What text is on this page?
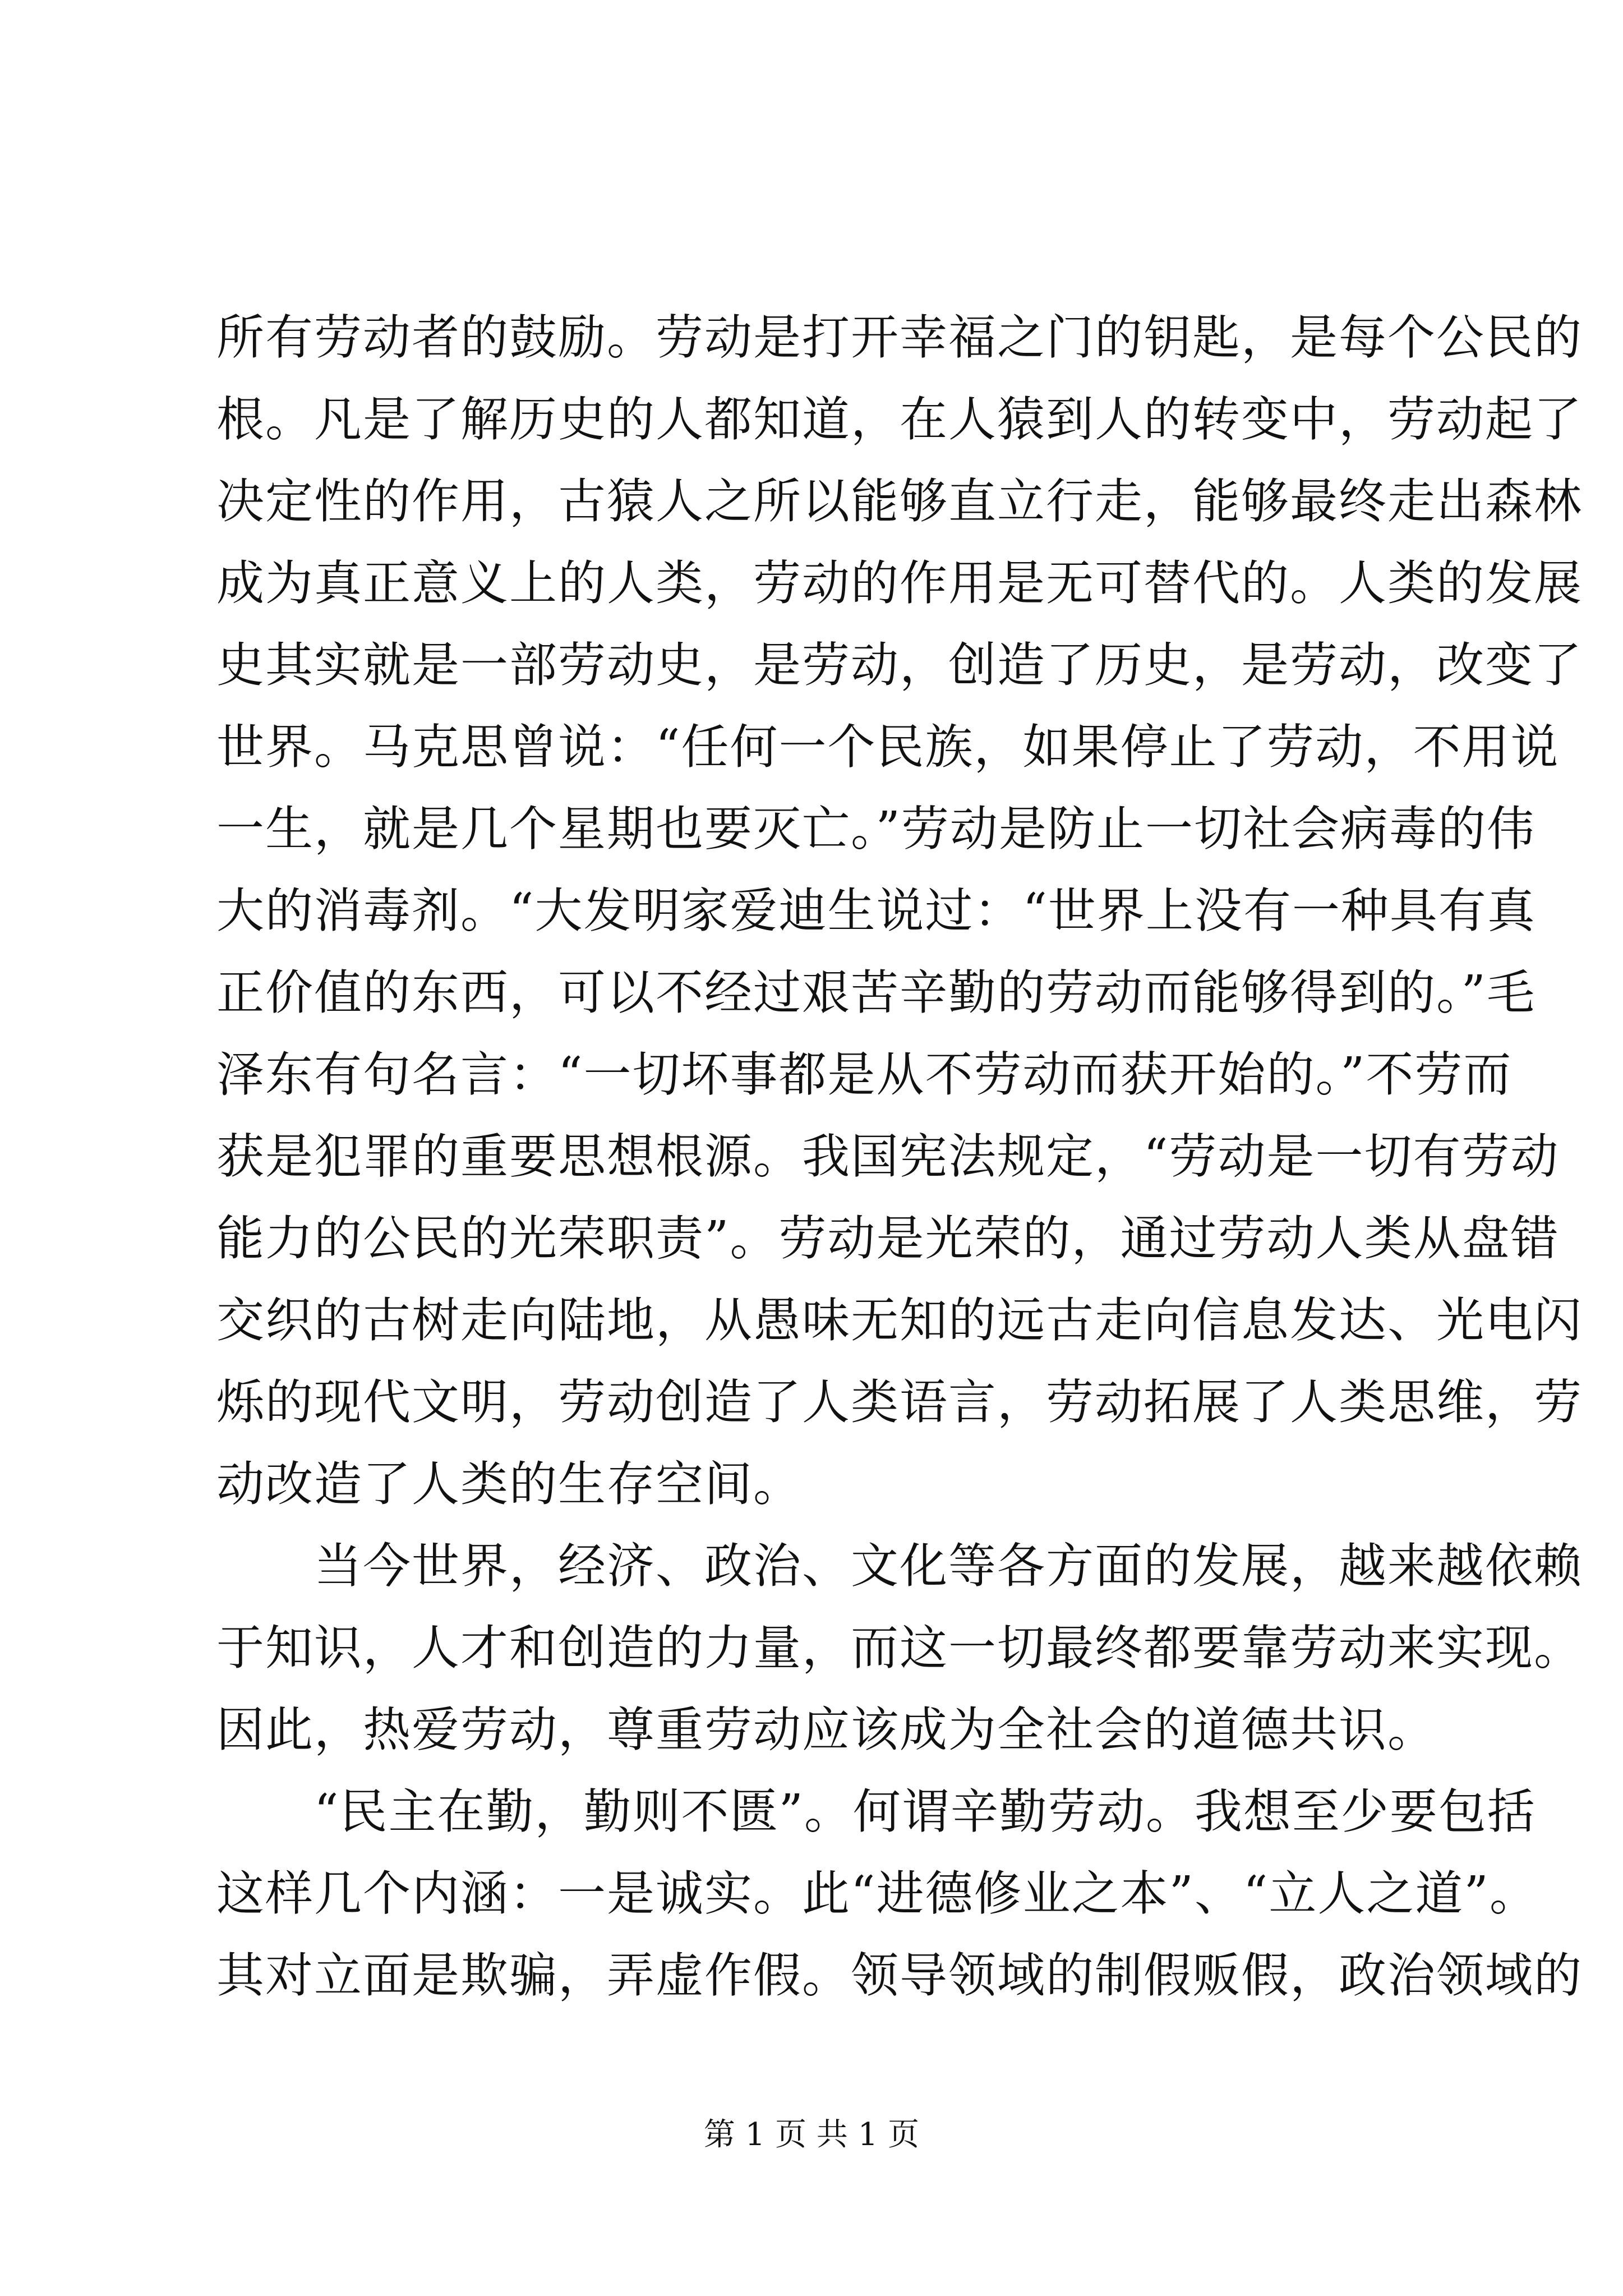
所有劳动者的鼓励。劳动是打开幸福之门的钥匙，是每个公民的
根。凡是了解历史的人都知道，在人猿到人的转变中，劳动起了
决定性的作用，古猿人之所以能够直立行走，能够最终走出森林
成为真正意义上的人类，劳动的作用是无可替代的。人类的发展
史其实就是一部劳动史，是劳动，创造了历史，是劳动，改变了
世界。马克思曾说：“任何一个民族，如果停止了劳动，不用说
一生，就是几个星期也要灭亡。”劳动是防止一切社会病毒的伟
大的消毒剂。“大发明家爱迪生说过：“世界上没有一种具有真
正价值的东西，可以不经过艰苦辛勤的劳动而能够得到的。”毛
泽东有句名言：“一切坏事都是从不劳动而获开始的。”不劳而
获是犯罪的重要思想根源。我国宪法规定，“劳动是一切有劳动
能力的公民的光荣职责”。劳动是光荣的，通过劳动人类从盘错
交织的古树走向陆地，从愚味无知的远古走向信息发达、光电闪
烁的现代文明，劳动创造了人类语言，劳动拓展了人类思维，劳
动改造了人类的生存空间。
　　当今世界，经济、政治、文化等各方面的发展，越来越依赖
于知识，人才和创造的力量，而这一切最终都要靠劳动来实现。
因此，热爱劳动，尊重劳动应该成为全社会的道德共识。
　　“民主在勤，勤则不匮”。何谓辛勤劳动。我想至少要包括
这样几个内涵：一是诚实。此“进德修业之本”、“立人之道”。
其对立面是欺骗，弄虚作假。领导领域的制假贩假，政治领域的
第 1 页 共 1 页
